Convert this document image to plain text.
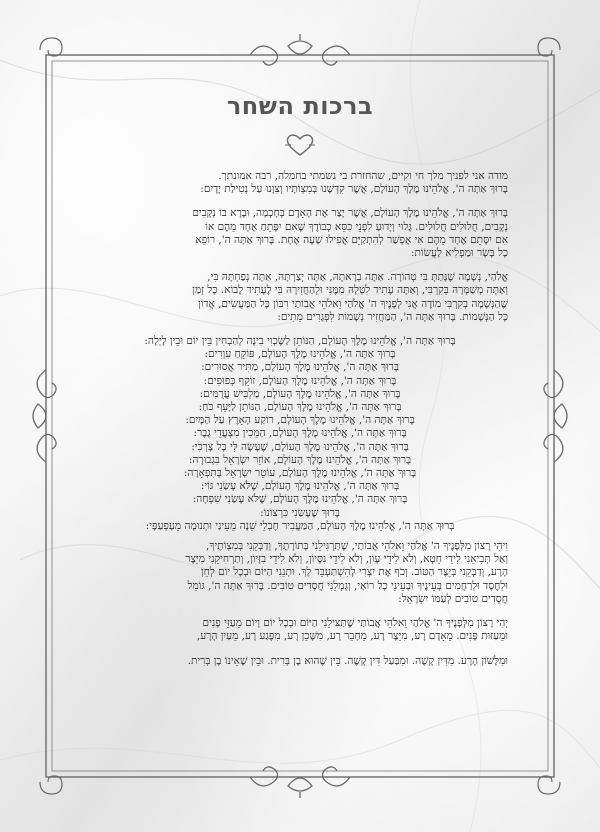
ברכות השחר

מודה אני לפניך מלך חי וקיים, שהחזרת בי נשמתי בחמלה, רבה אמונתך.

בָּרוּךְ אַתָּה ה', אֱלֹהֵינוּ מֶלֶךְ הָעוֹלָם, אֲשֶׁר קִדְּשָׁנוּ בְּמִצְוֹתָיו וְצִוָּנוּ עַל נְטִילַת יָדָיִם:

בָּרוּךְ אַתָּה ה', אֱלֹהֵינוּ מֶלֶךְ הָעוֹלָם, אֲשֶׁר יָצַר אֶת הָאָדָם בְּחָכְמָה, וּבָרָא בוֹ נְקָבִים

נְקָבִים, חֲלוּלִים חֲלוּלִים. גָּלוּי וְיָדוּעַ לִפְנֵי כִסֵּא כְבוֹדֶךָ שֶׁאִם יִפָּתֵחַ אֶחָד מֵהֶם אוֹ

אִם יִסָּתֵם אֶחָד מֵהֶם אִי אֶפְשַׁר לְהִתְקַיֵּם אֲפִילוּ שָׁעָה אֶחָת. בָּרוּךְ אַתָּה ה', רוֹפֵא

כָל בָּשָׂר וּמַפְלִיא לַעֲשׂוֹת:

אֱלֹהַי, נְשָׁמָה שֶׁנָּתַתָּ בִּי טְהוֹרָה. אַתָּה בְרָאתָהּ, אַתָּה יְצַרְתָּהּ, אַתָּה נְפַחְתָּהּ בִּי,

וְאַתָּה מְשַׁמְּרָהּ בְּקִרְבִּי, וְאַתָּה עָתִיד לִטְּלָהּ מִמֶּנִּי וּלְהַחֲזִירָהּ בִּי לֶעָתִיד לָבוֹא. כָּל זְמַן

שֶׁהַנְּשָׁמָה בְקִרְבִּי מוֹדֶה אֲנִי לְפָנֶיךָ ה' אֱלֹהַי וֵאלֹהֵי אֲבוֹתַי רִבּוֹן כָּל הַמַּעֲשִׂים, אֲדוֹן

כָּל הַנְּשָׁמוֹת. בָּרוּךְ אַתָּה ה', הַמַּחֲזִיר נְשָׁמוֹת לִפְגָרִים מֵתִים:

בָּרוּךְ אַתָּה ה', אֱלֹהֵינוּ מֶלֶךְ הָעוֹלָם, הַנּוֹתֵן לַשֶּׂכְוִי בִינָה לְהַבְחִין בֵּין יוֹם וּבֵין לָיְלָה:

בָּרוּךְ אַתָּה ה', אֱלֹהֵינוּ מֶלֶךְ הָעוֹלָם, פּוֹקֵחַ עִוְרִים:

בָּרוּךְ אַתָּה ה', אֱלֹהֵינוּ מֶלֶךְ הָעוֹלָם, מַתִּיר אֲסוּרִים:

בָּרוּךְ אַתָּה ה', אֱלֹהֵינוּ מֶלֶךְ הָעוֹלָם, זוֹקֵף כְּפוּפִים:

בָּרוּךְ אַתָּה ה', אֱלֹהֵינוּ מֶלֶךְ הָעוֹלָם, מַלְבִּישׁ עֲרֻמִּים:

בָּרוּךְ אַתָּה ה', אֱלֹהֵינוּ מֶלֶךְ הָעוֹלָם, הַנּוֹתֵן לַיָּעֵף כֹּחַ:

בָּרוּךְ אַתָּה ה', אֱלֹהֵינוּ מֶלֶךְ הָעוֹלָם, רוֹקַע הָאָרֶץ עַל הַמָּיִם:

בָּרוּךְ אַתָּה ה', אֱלֹהֵינוּ מֶלֶךְ הָעוֹלָם, הַמֵּכִין מִצְעֲדֵי גָבֶר:

בָּרוּךְ אַתָּה ה', אֱלֹהֵינוּ מֶלֶךְ הָעוֹלָם, שֶׁעָשָׂה לִּי כָּל צָרְכִּי:

בָּרוּךְ אַתָּה ה', אֱלֹהֵינוּ מֶלֶךְ הָעוֹלָם, אוֹזֵר יִשְׂרָאֵל בִּגְבוּרָה:

בָּרוּךְ אַתָּה ה', אֱלֹהֵינוּ מֶלֶךְ הָעוֹלָם, עוֹטֵר יִשְׂרָאֵל בְּתִפְאָרָה:

בָּרוּךְ אַתָּה ה', אֱלֹהֵינוּ מֶלֶךְ הָעוֹלָם, שֶׁלֹּא עָשַׂנִי גּוֹי:

בָּרוּךְ אַתָּה ה', אֱלֹהֵינוּ מֶלֶךְ הָעוֹלָם, שֶׁלֹּא עָשַׂנִי שִׁפְחָה:

בָּרוּךְ שֶׁעָשַׂנִי כִּרְצוֹנוֹ:

בָּרוּךְ אַתָּה ה', אֱלֹהֵינוּ מֶלֶךְ הָעוֹלָם, הַמַּעֲבִיר חֶבְלֵי שֵׁנָה מֵעֵינַי וּתְנוּמָה מֵעַפְעַפָּי:

וִיהִי רָצוֹן מִלְּפָנֶיךָ ה' אֱלֹהַי וֵאלֹהֵי אֲבוֹתַי, שֶׁתַּרְגִּילֵנִי בְּתוֹרָתֶךָ, וְדַבְּקֵנִי בְּמִצְוֹתֶיךָ,

וְאַל תְּבִיאֵנִי לִידֵי חֵטְא, וְלֹא לִידֵי עָוֹן, וְלֹא לִידֵי נִסָּיוֹן, וְלֹא לִידֵי בִזָּיוֹן, וְתַרְחִיקֵנִי מִיֵּצֶר

הָרָע, וְדַבְּקֵנִי בְּיֵצֶר הַטּוֹב. וְכֹף אֶת יִצְרִי לְהִשְׁתַּעְבֵּד לָךְ. וּתְנֵנִי הַיּוֹם וּבְכָל יוֹם לְחֵן

וּלְחֶסֶד וּלְרַחֲמִים בְּעֵינֶיךָ וּבְעֵינֵי כָל רוֹאַי, וְגָמְלֵנִי חֲסָדִים טוֹבִים. בָּרוּךְ אַתָּה ה', גּוֹמֵל

חֲסָדִים טוֹבִים לְעַמּוֹ יִשְׂרָאֵל:

יְהִי רָצוֹן מִלְּפָנֶיךָ ה' אֱלֹהַי וֵאלֹהֵי אֲבוֹתַי שֶׁתַּצִּילֵנִי הַיּוֹם וּבְכָל יוֹם וָיוֹם מֵעַזֵּי פָנִים

וּמֵעַזּוּת פָּנִים. מֵאָדָם רָע, מִיֵּצֶר רָע, מֵחָבֵר רָע, מִשָּׁכֵן רָע, מִפֶּגַע רָע, מֵעַיִן הָרָע,

וּמִלָּשׁוֹן הָרָע. מִדִּין קָשֶׁה. וּמִבַּעַל דִּין קָשֶׁה. בֵּין שֶׁהוּא בֶן בְּרִית. וּבֵין שֶׁאֵינוֹ בֶן בְּרִית.
